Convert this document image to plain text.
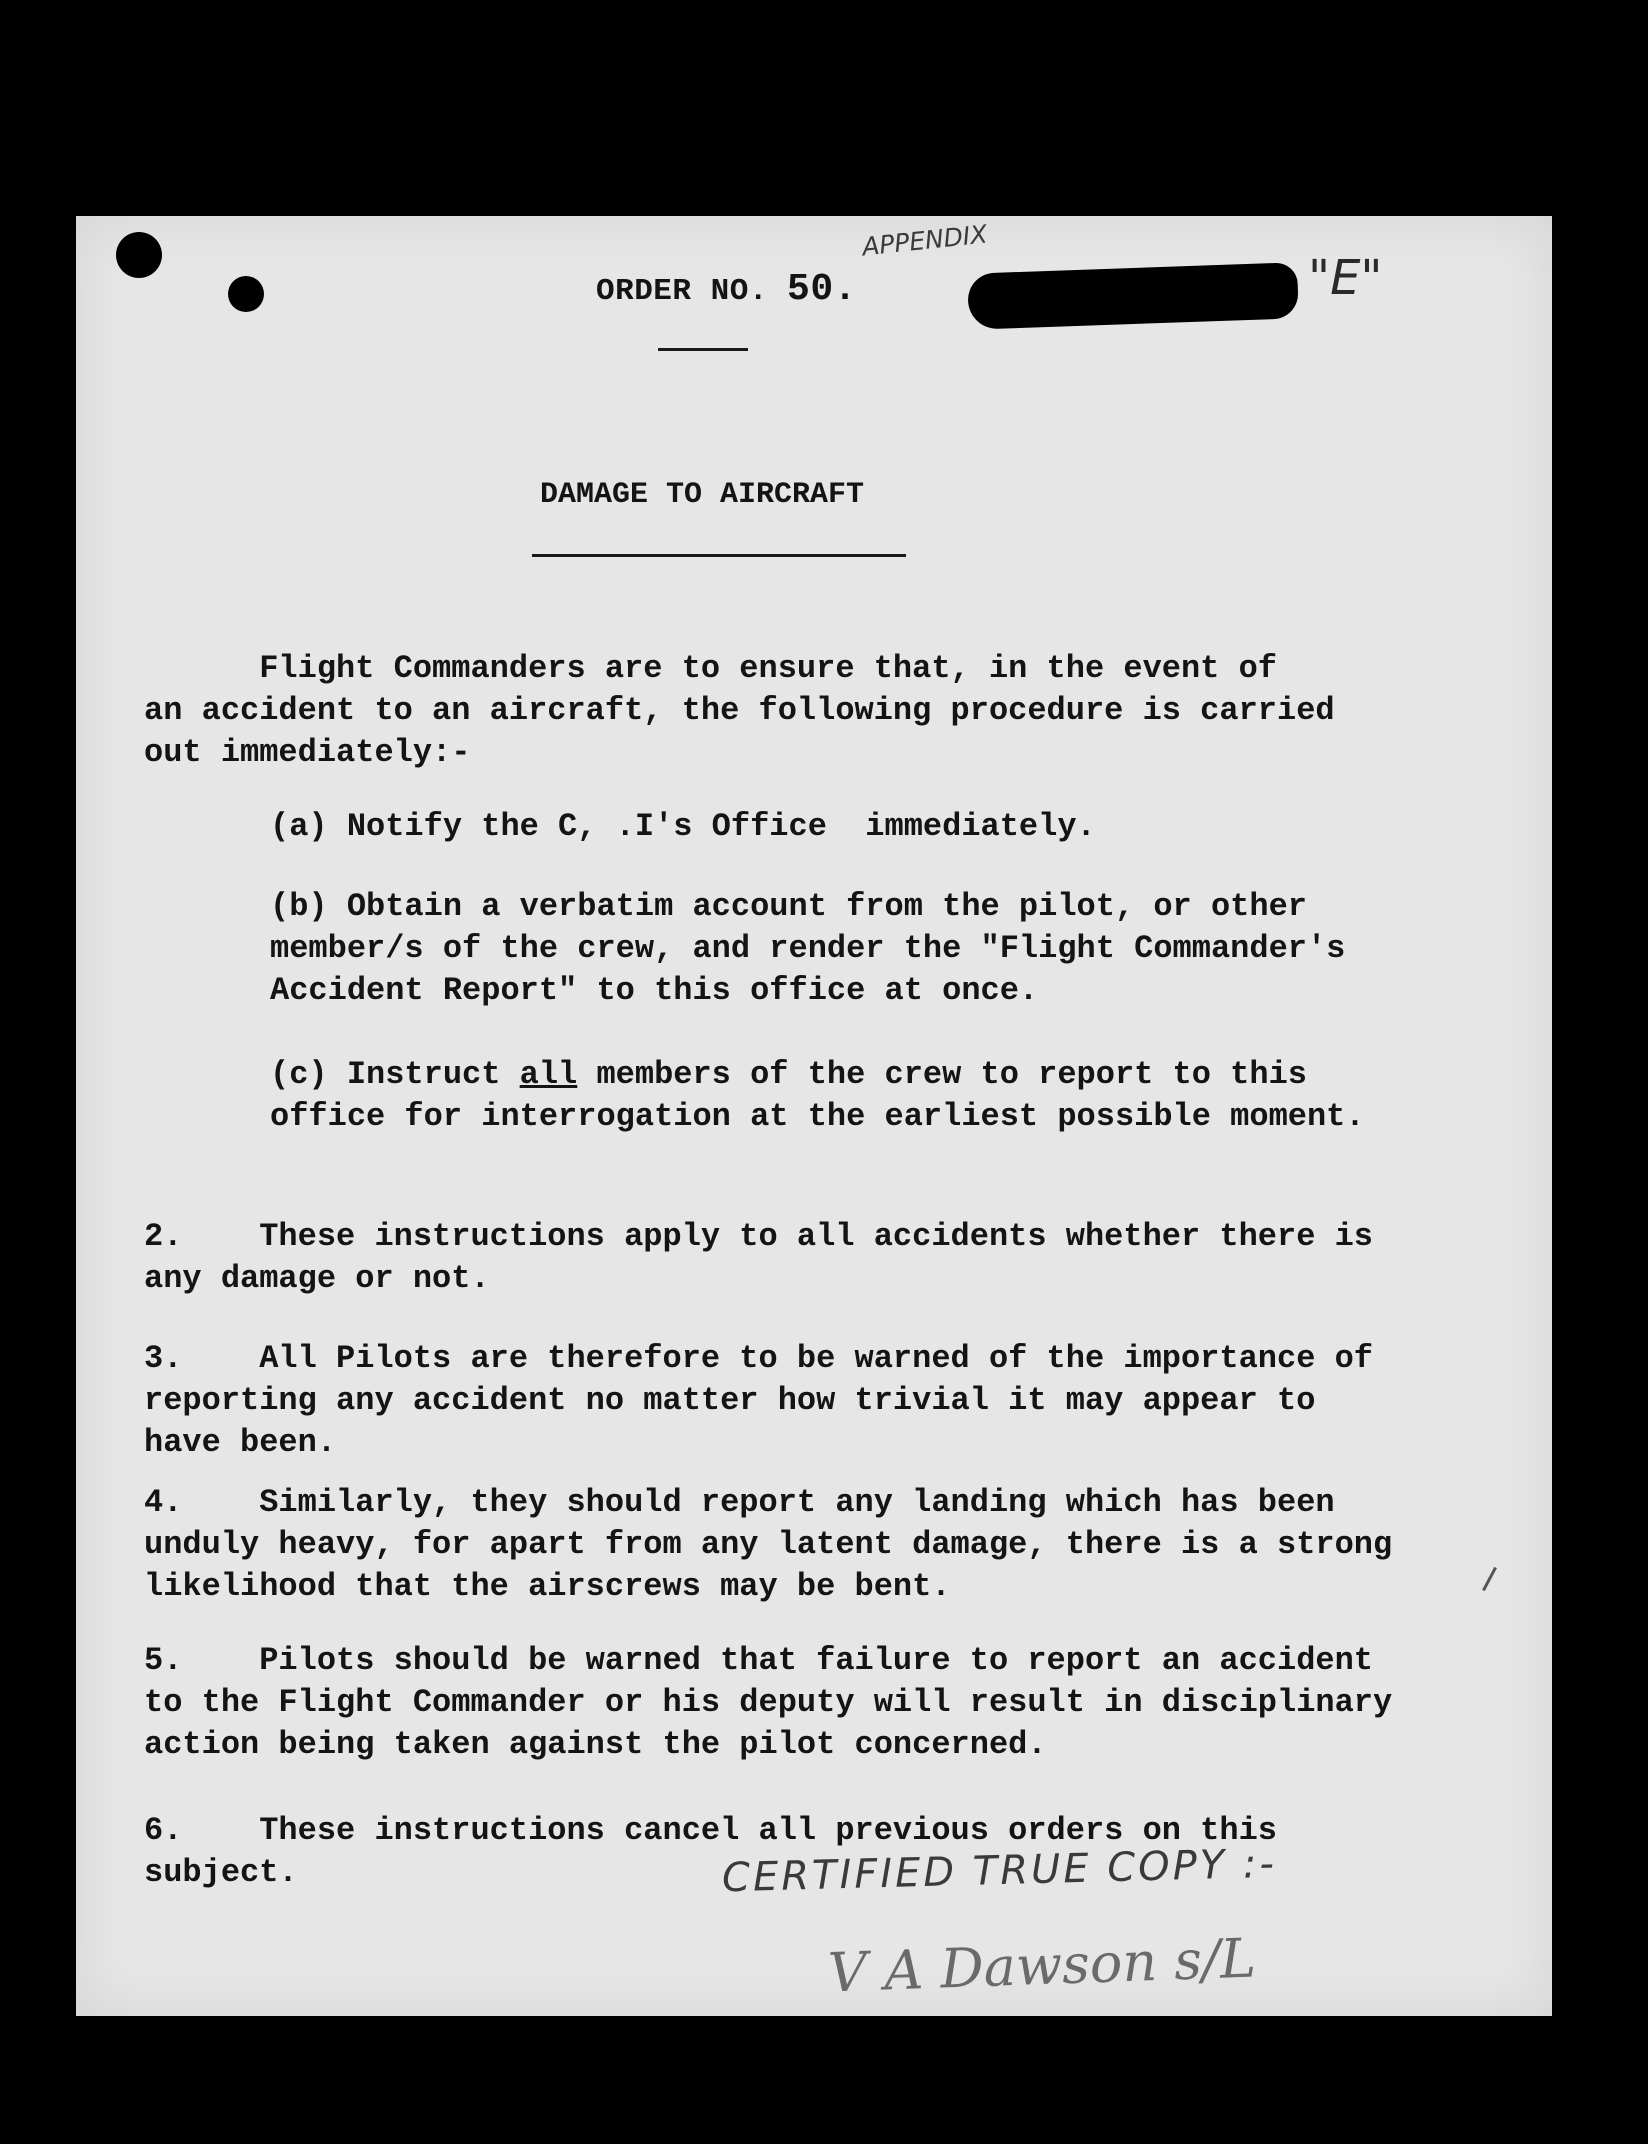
ORDER NO. 50.
APPENDIX
"E"
DAMAGE TO AIRCRAFT
Flight Commanders are to ensure that, in the event of
an accident to an aircraft, the following procedure is carried
out immediately:-
(a) Notify the C, .I's Office  immediately.
(b) Obtain a verbatim account from the pilot, or other
member/s of the crew, and render the "Flight Commander's
Accident Report" to this office at once.
(c) Instruct all members of the crew to report to this
office for interrogation at the earliest possible moment.
2.    These instructions apply to all accidents whether there is
any damage or not.
3.    All Pilots are therefore to be warned of the importance of
reporting any accident no matter how trivial it may appear to
have been.
4.    Similarly, they should report any landing which has been
unduly heavy, for apart from any latent damage, there is a strong
likelihood that the airscrews may be bent.
5.    Pilots should be warned that failure to report an accident
to the Flight Commander or his deputy will result in disciplinary
action being taken against the pilot concerned.
6.    These instructions cancel all previous orders on this
subject.	CERTIFIED TRUE COPY :-
V A Dawson s/L
